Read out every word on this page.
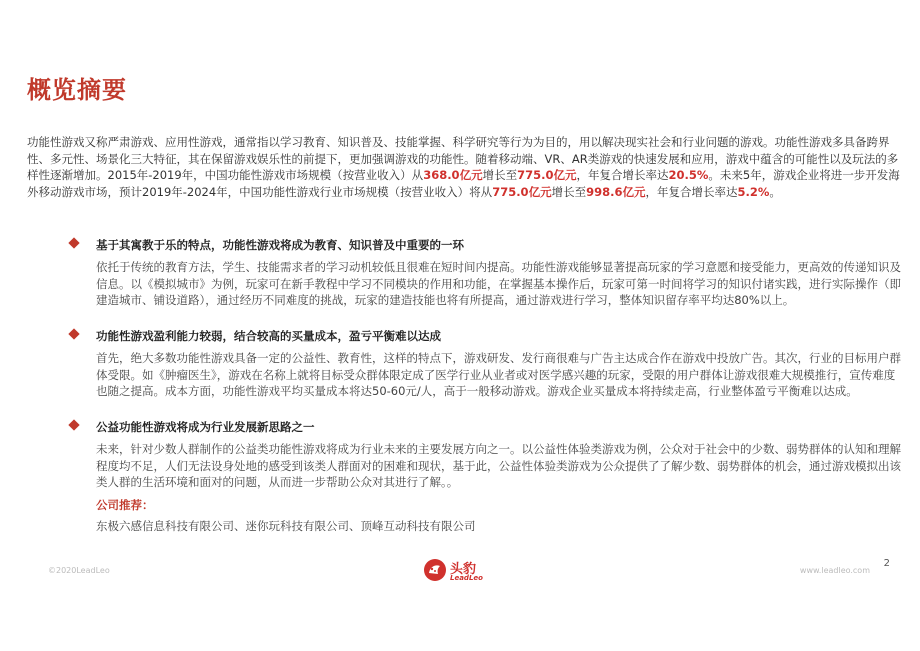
概览摘要
功能性游戏又称严肃游戏、应用性游戏，通常指以学习教育、知识普及、技能掌握、科学研究等行为为目的，用以解决现实社会和行业问题的游戏。功能性游戏多具备跨界性、多元性、场景化三大特征，其在保留游戏娱乐性的前提下，更加强调游戏的功能性。随着移动端、VR、AR类游戏的快速发展和应用，游戏中蕴含的可能性以及玩法的多样性逐渐增加。2015年-2019年，中国功能性游戏市场规模（按营业收入）从368.0亿元增长至775.0亿元，年复合增长率达20.5%。未来5年，游戏企业将进一步开发海外移动游戏市场，预计2019年-2024年，中国功能性游戏行业市场规模（按营业收入）将从775.0亿元增长至998.6亿元，年复合增长率达5.2%。
基于其寓教于乐的特点，功能性游戏将成为教育、知识普及中重要的一环
依托于传统的教育方法，学生、技能需求者的学习动机较低且很难在短时间内提高。功能性游戏能够显著提高玩家的学习意愿和接受能力，更高效的传递知识及信息。以《模拟城市》为例，玩家可在新手教程中学习不同模块的作用和功能，在掌握基本操作后，玩家可第一时间将学习的知识付诸实践，进行实际操作（即建造城市、铺设道路），通过经历不同难度的挑战，玩家的建造技能也将有所提高，通过游戏进行学习，整体知识留存率平均达80%以上。
功能性游戏盈利能力较弱，结合较高的买量成本，盈亏平衡难以达成
首先，绝大多数功能性游戏具备一定的公益性、教育性，这样的特点下，游戏研发、发行商很难与广告主达成合作在游戏中投放广告。其次，行业的目标用户群体受限。如《肿瘤医生》，游戏在名称上就将目标受众群体限定成了医学行业从业者或对医学感兴趣的玩家，受限的用户群体让游戏很难大规模推行，宣传难度也随之提高。成本方面，功能性游戏平均买量成本将达50-60元/人，高于一般移动游戏。游戏企业买量成本将持续走高，行业整体盈亏平衡难以达成。
公益功能性游戏将成为行业发展新思路之一
未来，针对少数人群制作的公益类功能性游戏将成为行业未来的主要发展方向之一。以公益性体验类游戏为例，公众对于社会中的少数、弱势群体的认知和理解程度均不足，人们无法设身处地的感受到该类人群面对的困难和现状，基于此，公益性体验类游戏为公众提供了了解少数、弱势群体的机会，通过游戏模拟出该类人群的生活环境和面对的问题，从而进一步帮助公众对其进行了解。。
公司推荐：
东极六感信息科技有限公司、迷你玩科技有限公司、顶峰互动科技有限公司
©2020LeadLeo	头豹
LeadLeo
www.leadleo.com
2
